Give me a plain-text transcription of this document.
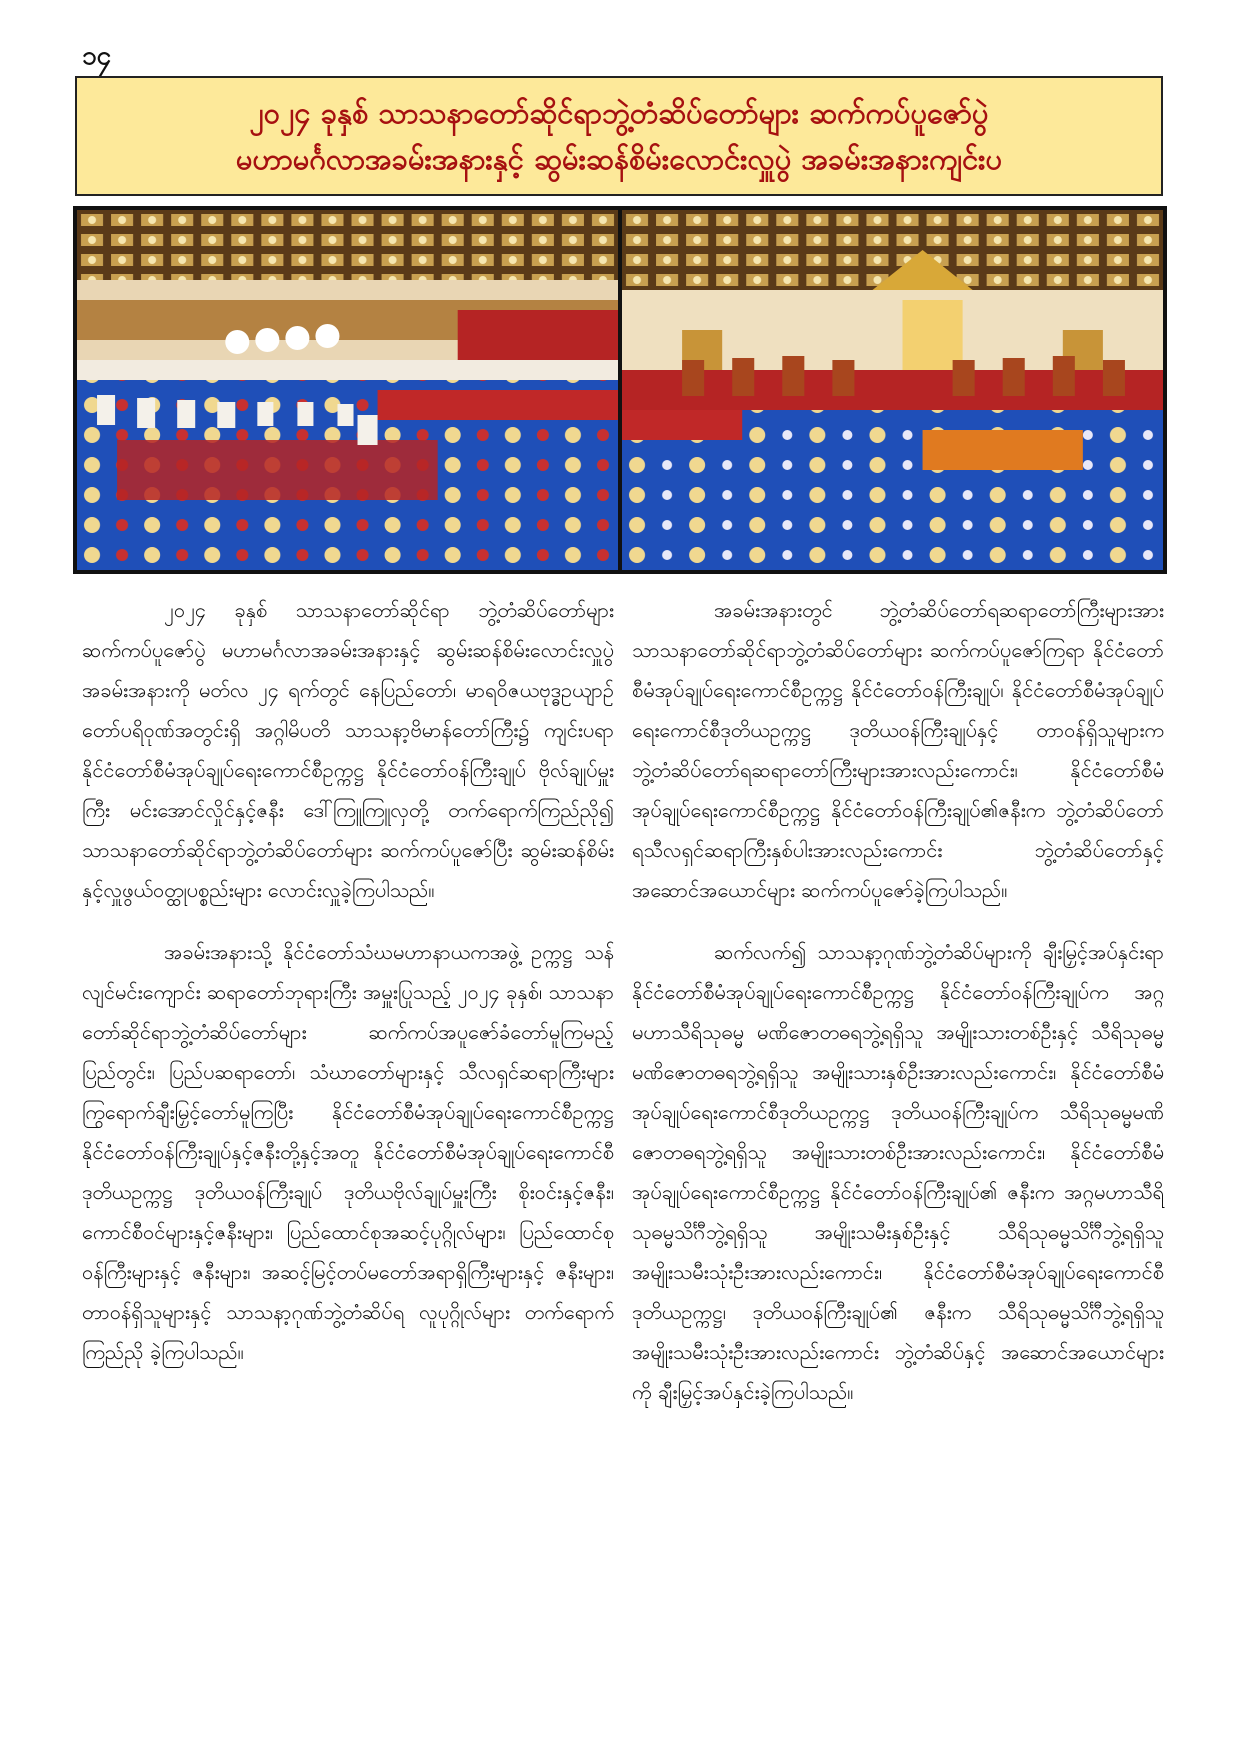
၁၄
၂၀၂၄ ခုနှစ် သာသနာတော်ဆိုင်ရာဘွဲ့တံဆိပ်တော်များ ဆက်ကပ်ပူဇော်ပွဲ
မဟာမင်္ဂလာအခမ်းအနားနှင့် ဆွမ်းဆန်စိမ်းလောင်းလှူပွဲ အခမ်းအနားကျင်းပ

၂၀၂၄ ခုနှစ် သာသနာတော်ဆိုင်ရာ ဘွဲ့တံဆိပ်တော်များ ဆက်ကပ်ပူဇော်ပွဲ မဟာမင်္ဂလာအခမ်းအနားနှင့် ဆွမ်းဆန်စိမ်းလောင်းလှူပွဲအခမ်းအနားကို မတ်လ ၂၄ ရက်တွင် နေပြည်တော်၊ မာရဝိဇယဗုဒ္ဓဥယျာဉ်တော်ပရိဝုဏ်အတွင်းရှိ အဂ္ဂါမိပတိ သာသနာ့ဗိမာန်တော်ကြီး၌ ကျင်းပရာ နိုင်ငံတော်စီမံအုပ်ချုပ်ရေးကောင်စီဥက္ကဋ္ဌ နိုင်ငံတော်ဝန်ကြီးချုပ် ဗိုလ်ချုပ်မှူးကြီး မင်းအောင်လှိုင်နှင့်ဇနီး ဒေါ်ကြူကြူလှတို့ တက်ရောက်ကြည်ညို၍ သာသနာတော်ဆိုင်ရာဘွဲ့တံဆိပ်တော်များ ဆက်ကပ်ပူဇော်ပြီး ဆွမ်းဆန်စိမ်းနှင့်လှူဖွယ်ဝတ္ထုပစ္စည်းများ လောင်းလှူခဲ့ကြပါသည်။

အခမ်းအနားသို့ နိုင်ငံတော်သံဃမဟာနာယကအဖွဲ့ ဥက္ကဋ္ဌ သန်လျင်မင်းကျောင်း ဆရာတော်ဘုရားကြီး အမှူးပြုသည့် ၂၀၂၄ ခုနှစ်၊ သာသနာတော်ဆိုင်ရာဘွဲ့တံဆိပ်တော်များ ဆက်ကပ်အပူဇော်ခံတော်မူကြမည့် ပြည်တွင်း၊ ပြည်ပဆရာတော်၊ သံဃာတော်များနှင့် သီလရှင်ဆရာကြီးများ ကြွရောက်ချီးမြှင့်တော်မူကြပြီး နိုင်ငံတော်စီမံအုပ်ချုပ်ရေးကောင်စီဥက္ကဋ္ဌ နိုင်ငံတော်ဝန်ကြီးချုပ်နှင့်ဇနီးတို့နှင့်အတူ နိုင်ငံတော်စီမံအုပ်ချုပ်ရေးကောင်စီဒုတိယဥက္ကဋ္ဌ ဒုတိယဝန်ကြီးချုပ် ဒုတိယဗိုလ်ချုပ်မှူးကြီး စိုးဝင်းနှင့်ဇနီး၊ ကောင်စီဝင်များနှင့်ဇနီးများ၊ ပြည်ထောင်စုအဆင့်ပုဂ္ဂိုလ်များ၊ ပြည်ထောင်စုဝန်ကြီးများနှင့် ဇနီးများ၊ အဆင့်မြင့်တပ်မတော်အရာရှိကြီးများနှင့် ဇနီးများ၊ တာဝန်ရှိသူများနှင့် သာသနာ့ဂုဏ်ဘွဲ့တံဆိပ်ရ လူပုဂ္ဂိုလ်များ တက်ရောက်ကြည်ညို ခဲ့ကြပါသည်။

အခမ်းအနားတွင် ဘွဲ့တံဆိပ်တော်ရဆရာတော်ကြီးများအား သာသနာတော်ဆိုင်ရာဘွဲ့တံဆိပ်တော်များ ဆက်ကပ်ပူဇော်ကြရာ နိုင်ငံတော်စီမံအုပ်ချုပ်ရေးကောင်စီဥက္ကဋ္ဌ နိုင်ငံတော်ဝန်ကြီးချုပ်၊ နိုင်ငံတော်စီမံအုပ်ချုပ်ရေးကောင်စီဒုတိယဥက္ကဋ္ဌ ဒုတိယဝန်ကြီးချုပ်နှင့် တာဝန်ရှိသူများက ဘွဲ့တံဆိပ်တော်ရဆရာတော်ကြီးများအားလည်းကောင်း၊ နိုင်ငံတော်စီမံအုပ်ချုပ်ရေးကောင်စီဥက္ကဋ္ဌ နိုင်ငံတော်ဝန်ကြီးချုပ်၏ဇနီးက ဘွဲ့တံဆိပ်တော်ရသီလရှင်ဆရာကြီးနှစ်ပါးအားလည်းကောင်း ဘွဲ့တံဆိပ်တော်နှင့် အဆောင်အယောင်များ ဆက်ကပ်ပူဇော်ခဲ့ကြပါသည်။

ဆက်လက်၍ သာသနာ့ဂုဏ်ဘွဲ့တံဆိပ်များကို ချီးမြှင့်အပ်နှင်းရာ နိုင်ငံတော်စီမံအုပ်ချုပ်ရေးကောင်စီဥက္ကဋ္ဌ နိုင်ငံတော်ဝန်ကြီးချုပ်က အဂ္ဂမဟာသီရိသုဓမ္မ မဏိဇောတဓရဘွဲ့ရရှိသူ အမျိုးသားတစ်ဦးနှင့် သီရိသုဓမ္မမဏိဇောတဓရဘွဲ့ရရှိသူ အမျိုးသားနှစ်ဦးအားလည်းကောင်း၊ နိုင်ငံတော်စီမံအုပ်ချုပ်ရေးကောင်စီဒုတိယဥက္ကဋ္ဌ ဒုတိယဝန်ကြီးချုပ်က သီရိသုဓမ္မမဏိဇောတဓရဘွဲ့ရရှိသူ အမျိုးသားတစ်ဦးအားလည်းကောင်း၊ နိုင်ငံတော်စီမံအုပ်ချုပ်ရေးကောင်စီဥက္ကဋ္ဌ နိုင်ငံတော်ဝန်ကြီးချုပ်၏ ဇနီးက အဂ္ဂမဟာသီရိသုဓမ္မသိင်္ဂီဘွဲ့ရရှိသူ အမျိုးသမီးနှစ်ဦးနှင့် သီရိသုဓမ္မသိင်္ဂီဘွဲ့ရရှိသူ အမျိုးသမီးသုံးဦးအားလည်းကောင်း၊ နိုင်ငံတော်စီမံအုပ်ချုပ်ရေးကောင်စီဒုတိယဥက္ကဋ္ဌ၊ ဒုတိယဝန်ကြီးချုပ်၏ ဇနီးက သီရိသုဓမ္မသိင်္ဂီဘွဲ့ရရှိသူ အမျိုးသမီးသုံးဦးအားလည်းကောင်း ဘွဲ့တံဆိပ်နှင့် အဆောင်အယောင်များကို ချီးမြှင့်အပ်နှင်းခဲ့ကြပါသည်။
